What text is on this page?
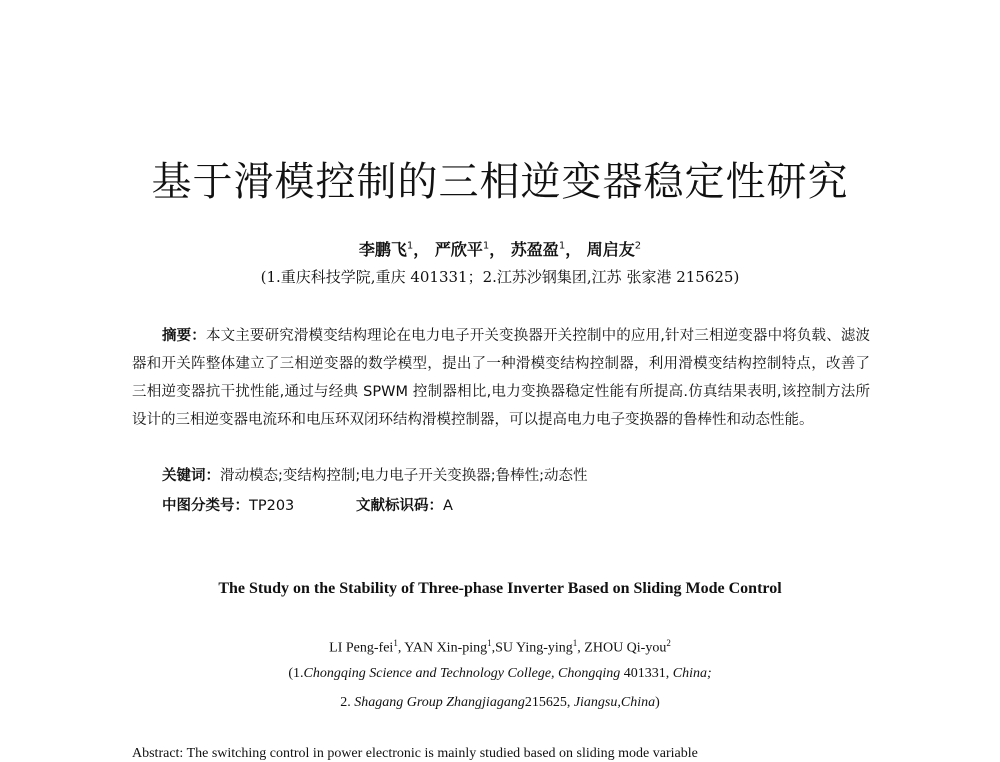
基于滑模控制的三相逆变器稳定性研究
李鹏飞$^1$， 严欣平$^1$， 苏盈盈$^1$， 周启友$^2$
(1.重庆科技学院,重庆 401331；2.江苏沙钢集团,江苏 张家港 215625)
摘要：本文主要研究滑模变结构理论在电力电子开关变换器开关控制中的应用,针对三相逆变器中将负载、滤波器和开关阵整体建立了三相逆变器的数学模型，提出了一种滑模变结构控制器，利用滑模变结构控制特点，改善了三相逆变器抗干扰性能,通过与经典 SPWM 控制器相比,电力变换器稳定性能有所提高.仿真结果表明,该控制方法所设计的三相逆变器电流环和电压环双闭环结构滑模控制器，可以提高电力电子变换器的鲁棒性和动态性能。
关键词：滑动模态;变结构控制;电力电子开关变换器;鲁棒性;动态性
中图分类号：TP203	文献标识码：A
The Study on the Stability of Three-phase Inverter Based on Sliding Mode Control
LI Peng-fei$^1$, YAN Xin-ping$^1$,SU Ying-ying$^1$, ZHOU Qi-you$^2$
(1.Chongqing Science and Technology College, Chongqing 401331, China;
2. Shagang Group Zhangjiagang215625, Jiangsu,China)
Abstract: The switching control in power electronic is mainly studied based on sliding mode variable
